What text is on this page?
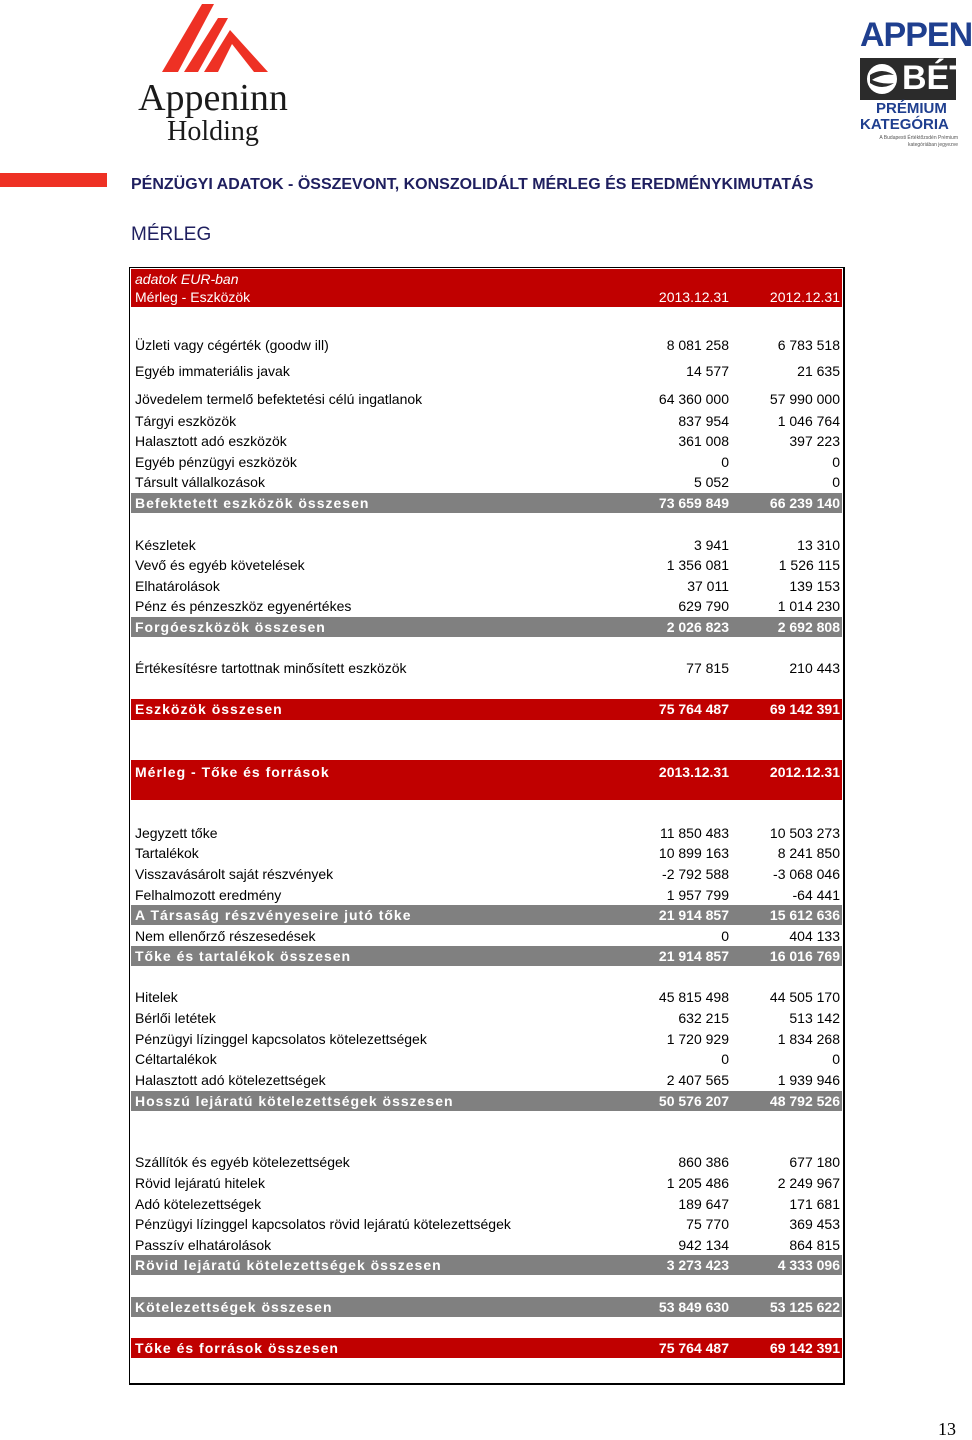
Appeninn
Holding
APPEN
BÉT
PRÉMIUM
KATEGÓRIA
A Budapesti Értéktőzsdén Prémium kategóriában jegyezve
PÉNZÜGYI ADATOK - ÖSSZEVONT, KONSZOLIDÁLT MÉRLEG ÉS EREDMÉNYKIMUTATÁS
MÉRLEG
adatok EUR-ban
Mérleg - Eszközök	2013.12.31	2012.12.31
Üzleti vagy cégérték (goodw ill)	8 081 258	6 783 518
Egyéb immateriális javak	14 577	21 635
Jövedelem termelő befektetési célú ingatlanok	64 360 000	57 990 000
Tárgyi eszközök	837 954	1 046 764
Halasztott adó eszközök	361 008	397 223
Egyéb pénzügyi eszközök	0	0
Társult vállalkozások	5 052	0
Befektetett eszközök összesen	73 659 849	66 239 140
Készletek	3 941	13 310
Vevő és egyéb követelések	1 356 081	1 526 115
Elhatárolások	37 011	139 153
Pénz és pénzeszköz egyenértékes	629 790	1 014 230
Forgóeszközök összesen	2 026 823	2 692 808
Értékesítésre tartottnak minősített eszközök	77 815	210 443
Eszközök összesen	75 764 487	69 142 391
Mérleg - Tőke és források	2013.12.31	2012.12.31
Jegyzett tőke	11 850 483	10 503 273
Tartalékok	10 899 163	8 241 850
Visszavásárolt saját részvények	-2 792 588	-3 068 046
Felhalmozott eredmény	1 957 799	-64 441
A Társaság részvényeseire jutó tőke	21 914 857	15 612 636
Nem ellenőrző részesedések	0	404 133
Tőke és tartalékok összesen	21 914 857	16 016 769
Hitelek	45 815 498	44 505 170
Bérlői letétek	632 215	513 142
Pénzügyi lízinggel kapcsolatos kötelezettségek	1 720 929	1 834 268
Céltartalékok	0	0
Halasztott adó kötelezettségek	2 407 565	1 939 946
Hosszú lejáratú kötelezettségek összesen	50 576 207	48 792 526
Szállítók és egyéb kötelezettségek	860 386	677 180
Rövid lejáratú hitelek	1 205 486	2 249 967
Adó kötelezettségek	189 647	171 681
Pénzügyi lízinggel kapcsolatos rövid lejáratú kötelezettségek	75 770	369 453
Passzív elhatárolások	942 134	864 815
Rövid lejáratú kötelezettségek összesen	3 273 423	4 333 096
Kötelezettségek összesen	53 849 630	53 125 622
Tőke és források összesen	75 764 487	69 142 391
13
